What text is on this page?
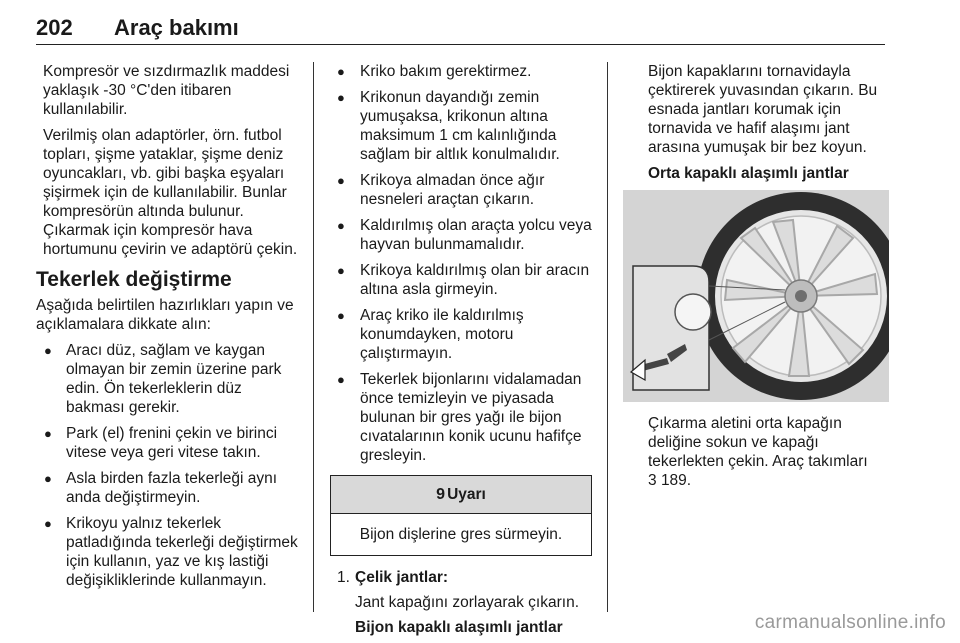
202 Araç bakımı

Kompresör ve sızdırmazlık maddesi yaklaşık -30 °C'den itibaren kullanılabilir.

Verilmiş olan adaptörler, örn. futbol topları, şişme yataklar, şişme deniz oyuncakları, vb. gibi başka eşyaları şişirmek için de kullanılabilir. Bunlar kompresörün altında bulunur. Çıkarmak için kompresör hava hortumunu çevirin ve adaptörü çekin.

Tekerlek değiştirme

Aşağıda belirtilen hazırlıkları yapın ve açıklamalara dikkate alın:

● Aracı düz, sağlam ve kaygan olmayan bir zemin üzerine park edin. Ön tekerleklerin düz bakması gerekir.
● Park (el) frenini çekin ve birinci vitese veya geri vitese takın.
● Asla birden fazla tekerleği aynı anda değiştirmeyin.
● Krikoyu yalnız tekerlek patladığında tekerleği değiştirmek için kullanın, yaz ve kış lastiği değişikliklerinde kullanmayın.
● Kriko bakım gerektirmez.
● Krikonun dayandığı zemin yumuşaksa, krikonun altına maksimum 1 cm kalınlığında sağlam bir altlık konulmalıdır.
● Krikoya almadan önce ağır nesneleri araçtan çıkarın.
● Kaldırılmış olan araçta yolcu veya hayvan bulunmamalıdır.
● Krikoya kaldırılmış olan bir aracın altına asla girmeyin.
● Araç kriko ile kaldırılmış konumdayken, motoru çalıştırmayın.
● Tekerlek bijonlarını vidalamadan önce temizleyin ve piyasada bulunan bir gres yağı ile bijon cıvatalarının konik ucunu hafifçe gresleyin.
9 Uyarı
Bijon dişlerine gres sürmeyin.
1. Çelik jantlar:
Jant kapağını zorlayarak çıkarın.
Bijon kapaklı alaşımlı jantlar

Bijon kapaklarını tornavidayla çektirerek yuvasından çıkarın. Bu esnada jantları korumak için tornavida ve hafif alaşımı jant arasına yumuşak bir bez koyun.

Orta kapaklı alaşımlı jantlar

Çıkarma aletini orta kapağın deliğine sokun ve kapağı tekerlekten çekin. Araç takımları
3 189.

carmanualsonline.info
